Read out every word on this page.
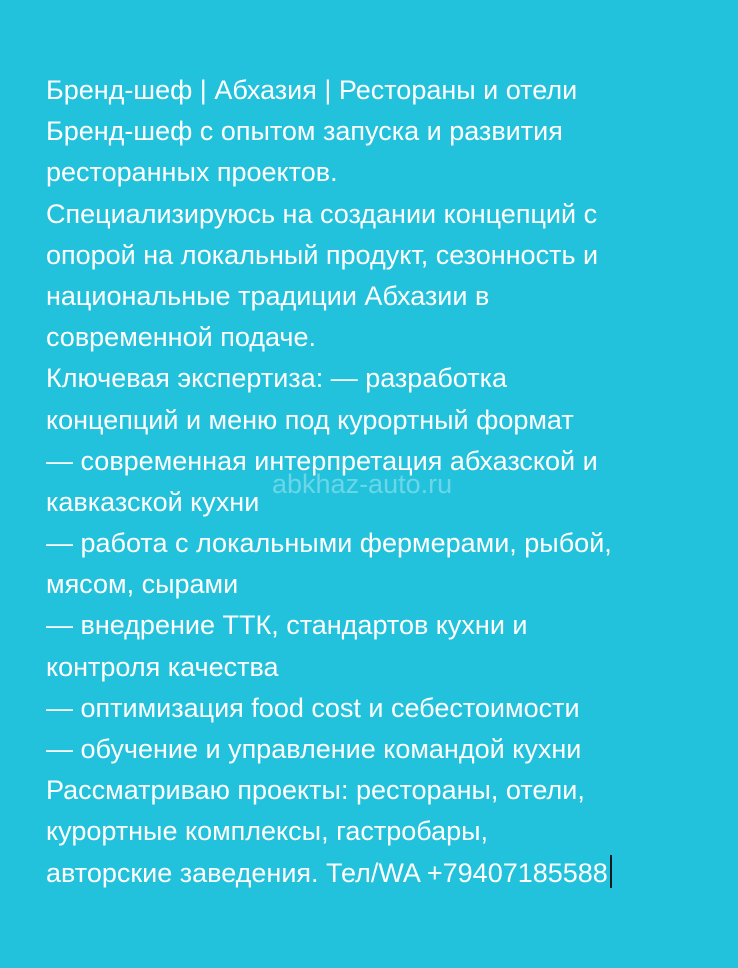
Бренд-шеф | Абхазия | Рестораны и отели
Бренд-шеф с опытом запуска и развития
ресторанных проектов.
Специализируюсь на создании концепций с
опорой на локальный продукт, сезонность и
национальные традиции Абхазии в
современной подаче.
Ключевая экспертиза: — разработка
концепций и меню под курортный формат
— современная интерпретация абхазской и
кавказской кухни
— работа с локальными фермерами, рыбой,
мясом, сырами
— внедрение ТТК, стандартов кухни и
контроля качества
— оптимизация food cost и себестоимости
— обучение и управление командой кухни
Рассматриваю проекты: рестораны, отели,
курортные комплексы, гастробары,
авторские заведения. Тел/WA +79407185588
abkhaz-auto.ru
